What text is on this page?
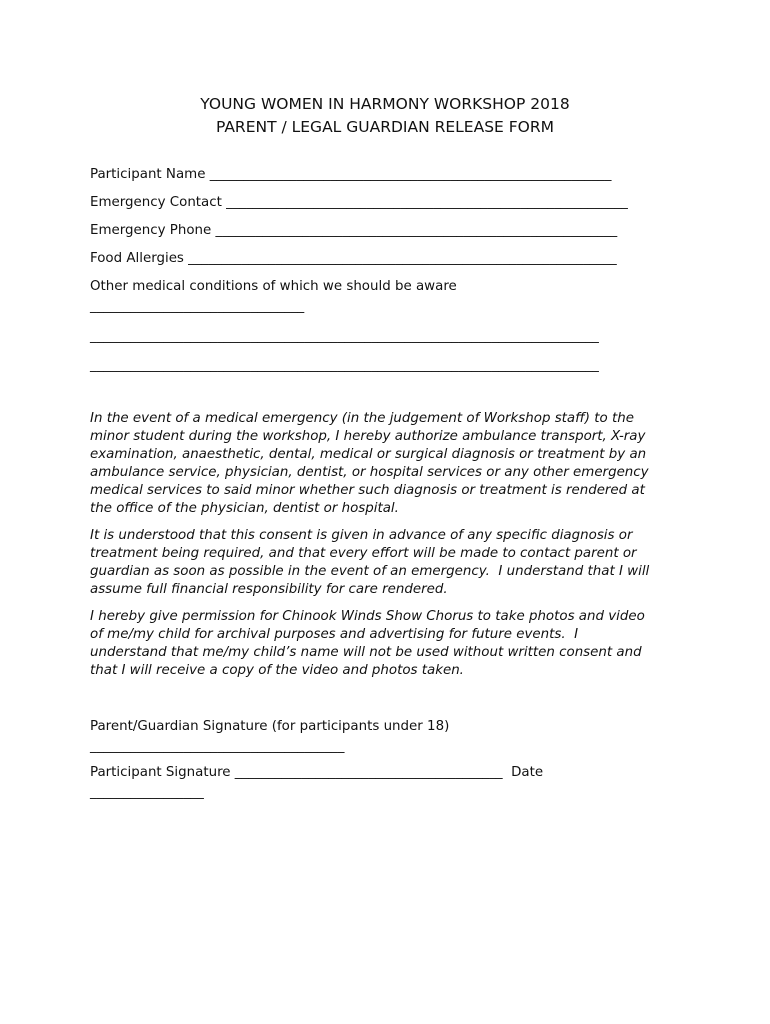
YOUNG WOMEN IN HARMONY WORKSHOP 2018
PARENT / LEGAL GUARDIAN RELEASE FORM
Participant Name ____________________________________________________________
Emergency Contact ____________________________________________________________
Emergency Phone ____________________________________________________________
Food Allergies ________________________________________________________________
Other medical conditions of which we should be aware
________________________________
____________________________________________________________________________
____________________________________________________________________________
In the event of a medical emergency (in the judgement of Workshop staff) to the
minor student during the workshop, I hereby authorize ambulance transport, X-ray
examination, anaesthetic, dental, medical or surgical diagnosis or treatment by an
ambulance service, physician, dentist, or hospital services or any other emergency
medical services to said minor whether such diagnosis or treatment is rendered at
the office of the physician, dentist or hospital.
It is understood that this consent is given in advance of any specific diagnosis or
treatment being required, and that every effort will be made to contact parent or
guardian as soon as possible in the event of an emergency.  I understand that I will
assume full financial responsibility for care rendered.
I hereby give permission for Chinook Winds Show Chorus to take photos and video
of me/my child for archival purposes and advertising for future events.  I
understand that me/my child’s name will not be used without written consent and
that I will receive a copy of the video and photos taken.
Parent/Guardian Signature (for participants under 18)
______________________________________
Participant Signature ________________________________________  Date
_________________
